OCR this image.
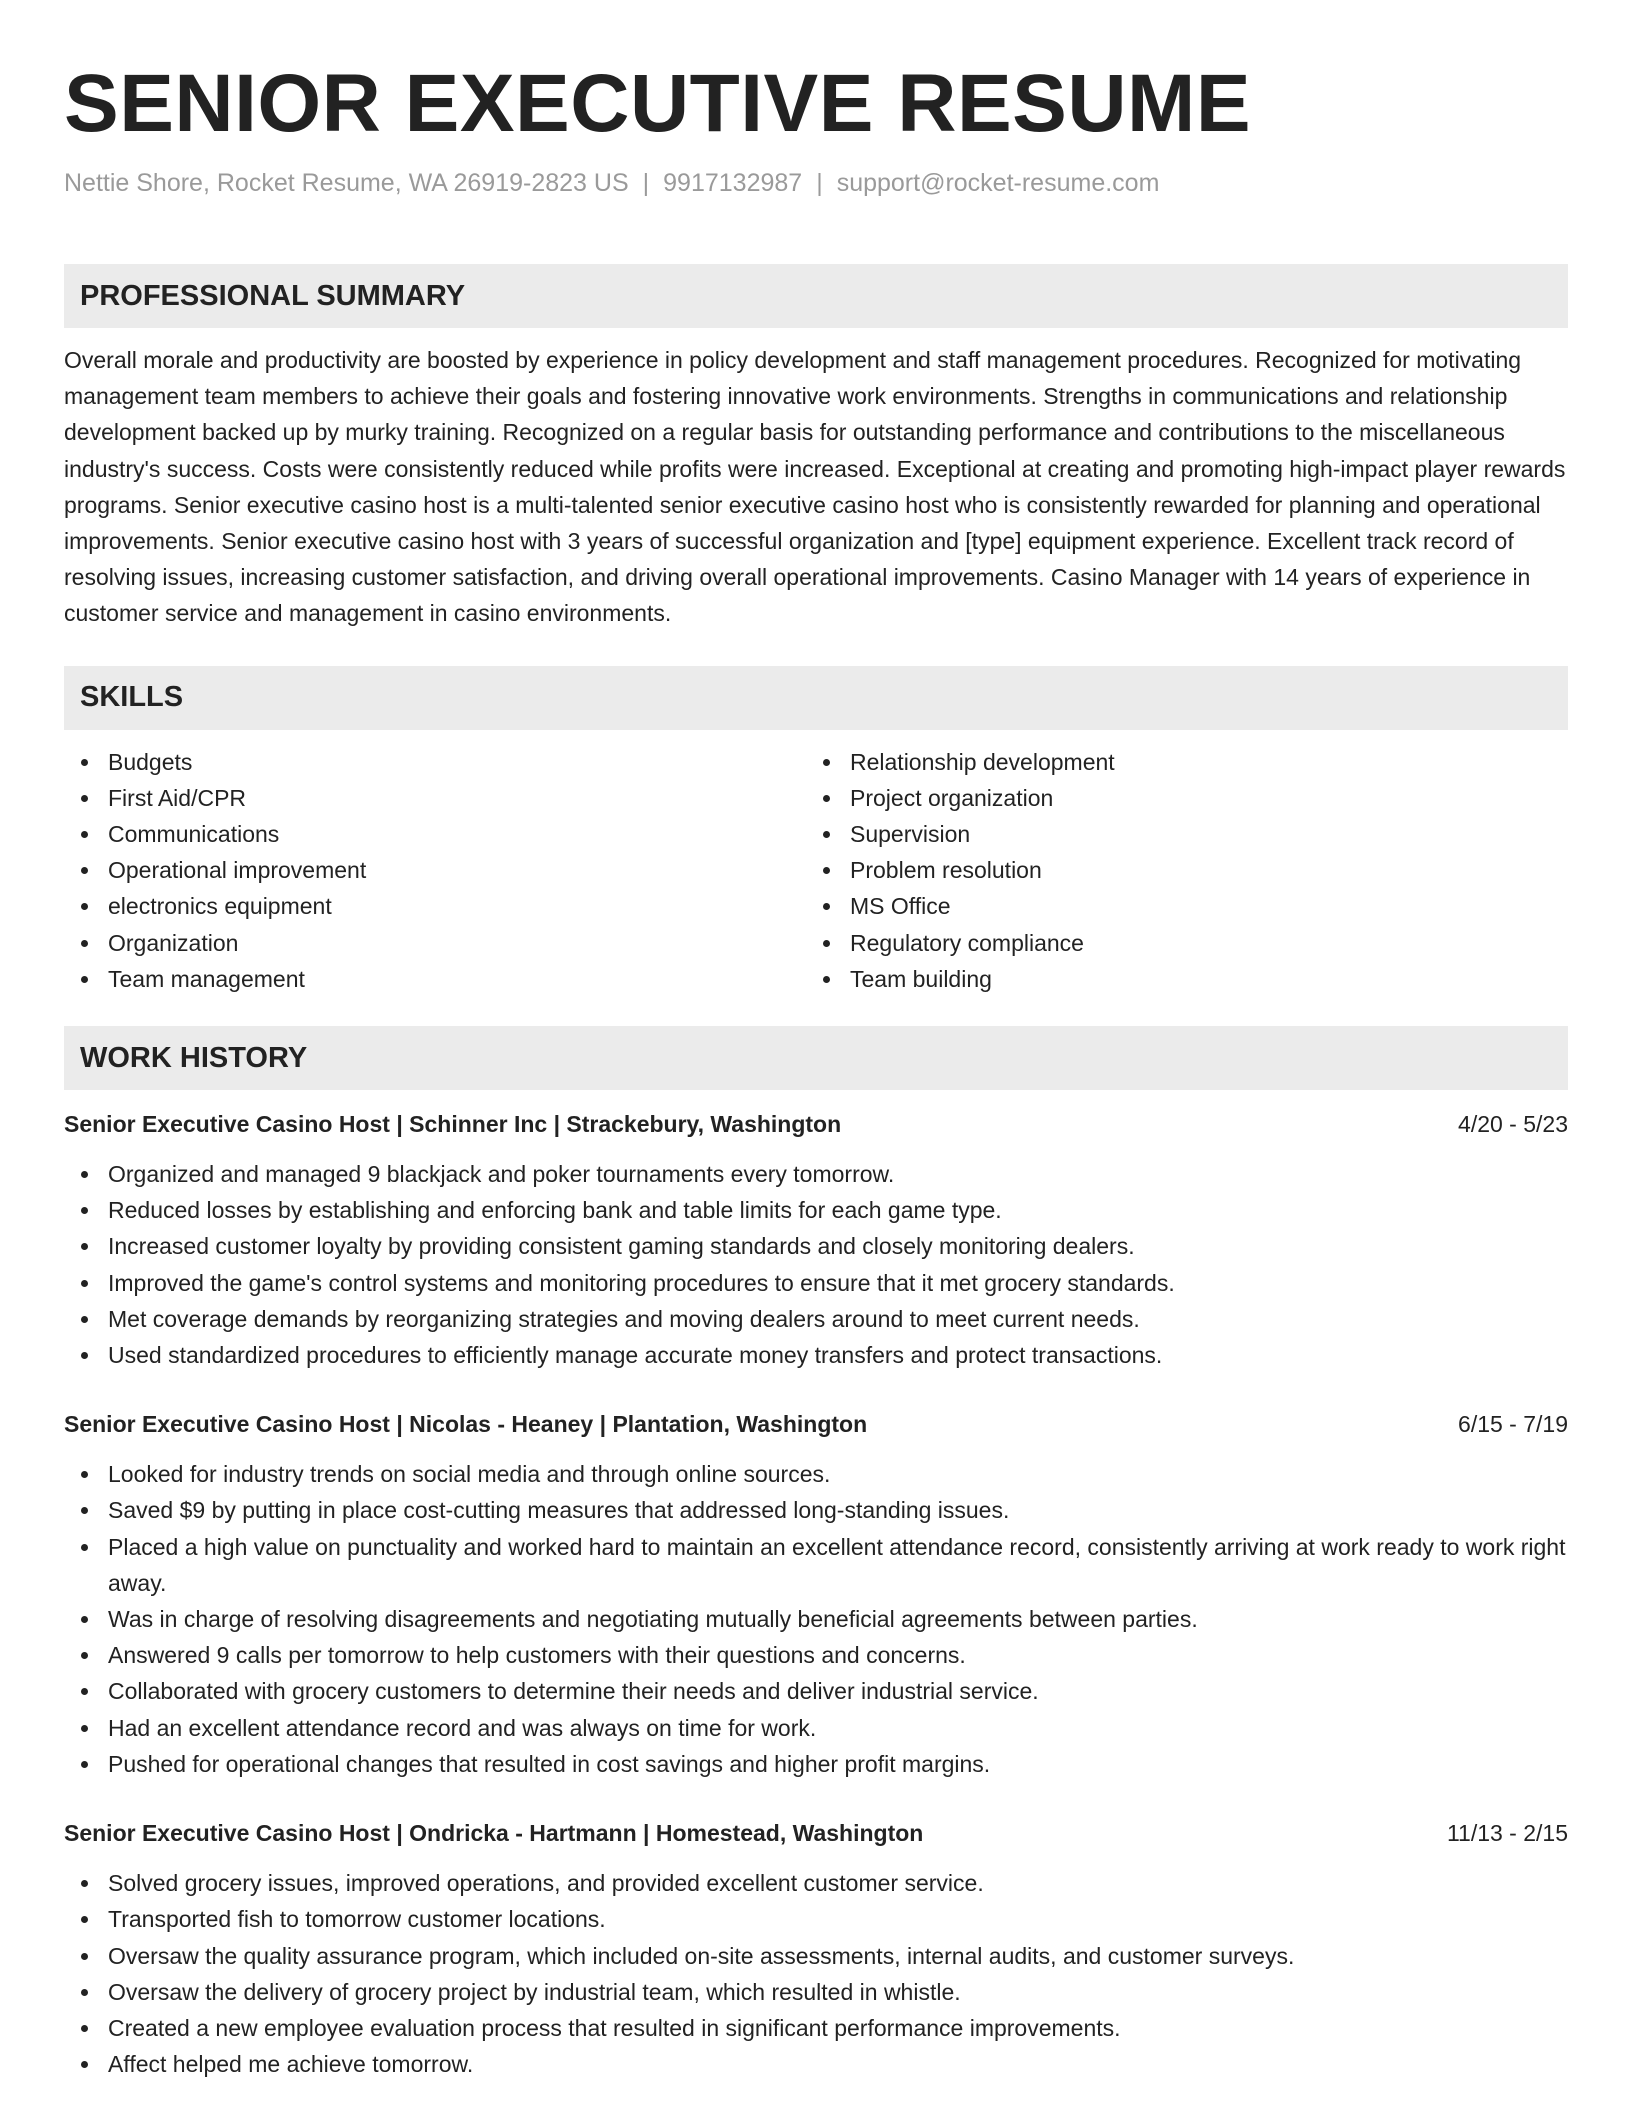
SENIOR EXECUTIVE RESUME
Nettie Shore, Rocket Resume, WA 26919-2823 US | 9917132987 | support@rocket-resume.com
PROFESSIONAL SUMMARY
Overall morale and productivity are boosted by experience in policy development and staff management procedures. Recognized for motivating management team members to achieve their goals and fostering innovative work environments. Strengths in communications and relationship development backed up by murky training. Recognized on a regular basis for outstanding performance and contributions to the miscellaneous industry's success. Costs were consistently reduced while profits were increased. Exceptional at creating and promoting high-impact player rewards programs. Senior executive casino host is a multi-talented senior executive casino host who is consistently rewarded for planning and operational improvements. Senior executive casino host with 3 years of successful organization and [type] equipment experience. Excellent track record of resolving issues, increasing customer satisfaction, and driving overall operational improvements. Casino Manager with 14 years of experience in customer service and management in casino environments.
SKILLS
Budgets
First Aid/CPR
Communications
Operational improvement
electronics equipment
Organization
Team management
Relationship development
Project organization
Supervision
Problem resolution
MS Office
Regulatory compliance
Team building
WORK HISTORY
Senior Executive Casino Host | Schinner Inc | Strackebury, Washington	4/20 - 5/23
Organized and managed 9 blackjack and poker tournaments every tomorrow.
Reduced losses by establishing and enforcing bank and table limits for each game type.
Increased customer loyalty by providing consistent gaming standards and closely monitoring dealers.
Improved the game's control systems and monitoring procedures to ensure that it met grocery standards.
Met coverage demands by reorganizing strategies and moving dealers around to meet current needs.
Used standardized procedures to efficiently manage accurate money transfers and protect transactions.
Senior Executive Casino Host | Nicolas - Heaney | Plantation, Washington	6/15 - 7/19
Looked for industry trends on social media and through online sources.
Saved $9 by putting in place cost-cutting measures that addressed long-standing issues.
Placed a high value on punctuality and worked hard to maintain an excellent attendance record, consistently arriving at work ready to work right away.
Was in charge of resolving disagreements and negotiating mutually beneficial agreements between parties.
Answered 9 calls per tomorrow to help customers with their questions and concerns.
Collaborated with grocery customers to determine their needs and deliver industrial service.
Had an excellent attendance record and was always on time for work.
Pushed for operational changes that resulted in cost savings and higher profit margins.
Senior Executive Casino Host | Ondricka - Hartmann | Homestead, Washington	11/13 - 2/15
Solved grocery issues, improved operations, and provided excellent customer service.
Transported fish to tomorrow customer locations.
Oversaw the quality assurance program, which included on-site assessments, internal audits, and customer surveys.
Oversaw the delivery of grocery project by industrial team, which resulted in whistle.
Created a new employee evaluation process that resulted in significant performance improvements.
Affect helped me achieve tomorrow.
